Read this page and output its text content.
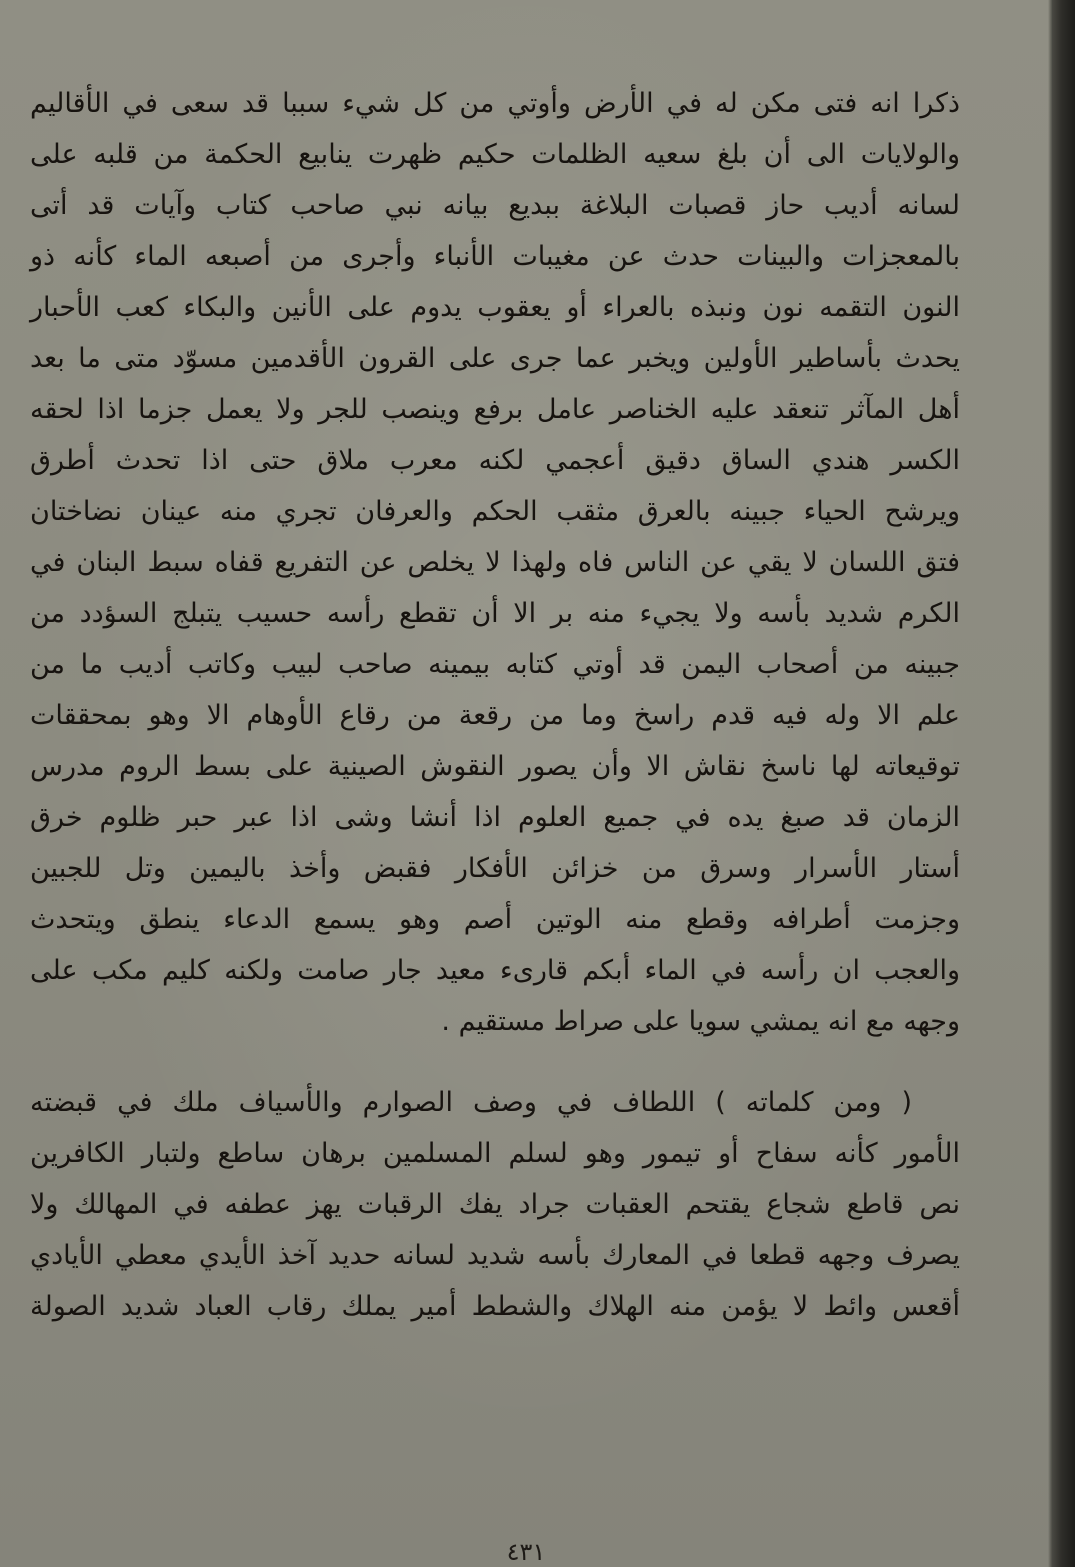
ذكرا انه فتى مكن له في الأرض وأوتي من كل شيء سببا قد سعى في الأقاليم
والولايات الى أن بلغ سعيه الظلمات حكيم ظهرت ينابيع الحكمة من قلبه على
لسانه أديب حاز قصبات البلاغة ببديع بيانه نبي صاحب كتاب وآيات قد أتى
بالمعجزات والبينات حدث عن مغيبات الأنباء وأجرى من أصبعه الماء كأنه ذو
النون التقمه نون ونبذه بالعراء أو يعقوب يدوم على الأنين والبكاء كعب الأحبار
يحدث بأساطير الأولين ويخبر عما جرى على القرون الأقدمين مسوّد متى ما بعد
أهل المآثر تنعقد عليه الخناصر عامل برفع وينصب للجر ولا يعمل جزما اذا لحقه
الكسر هندي الساق دقيق أعجمي لكنه معرب ملاق حتى اذا تحدث أطرق
ويرشح الحياء جبينه بالعرق مثقب الحكم والعرفان تجري منه عينان نضاختان
فتق اللسان لا يقي عن الناس فاه ولهذا لا يخلص عن التفريع قفاه سبط البنان في
الكرم شديد بأسه ولا يجيء منه بر الا أن تقطع رأسه حسيب يتبلج السؤدد من
جبينه من أصحاب اليمن قد أوتي كتابه بيمينه صاحب لبيب وكاتب أديب ما من
علم الا وله فيه قدم راسخ وما من رقعة من رقاع الأوهام الا وهو بمحققات
توقيعاته لها ناسخ نقاش الا وأن يصور النقوش الصينية على بسط الروم مدرس
الزمان قد صبغ يده في جميع العلوم اذا أنشا وشى اذا عبر حبر ظلوم خرق
أستار الأسرار وسرق من خزائن الأفكار فقبض وأخذ باليمين وتل للجبين
وجزمت أطرافه وقطع منه الوتين أصم وهو يسمع الدعاء ينطق ويتحدث
والعجب ان رأسه في الماء أبكم قارىء معيد جار صامت ولكنه كليم مكب على
وجهه مع انه يمشي سويا على صراط مستقيم .
( ومن كلماته ) اللطاف في وصف الصوارم والأسياف ملك في قبضته
الأمور كأنه سفاح أو تيمور وهو لسلم المسلمين برهان ساطع ولتبار الكافرين
نص قاطع شجاع يقتحم العقبات جراد يفك الرقبات يهز عطفه في المهالك ولا
يصرف وجهه قطعا في المعارك بأسه شديد لسانه حديد آخذ الأيدي معطي الأيادي
أقعس وائط لا يؤمن منه الهلاك والشطط أمير يملك رقاب العباد شديد الصولة
٤٣١
